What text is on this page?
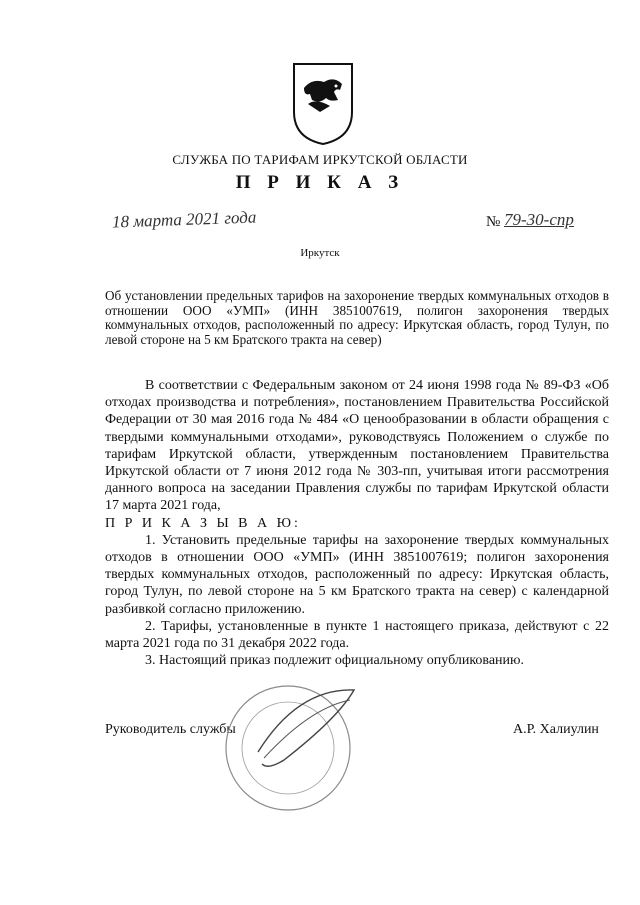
СЛУЖБА ПО ТАРИФАМ ИРКУТСКОЙ ОБЛАСТИ
П Р И К А З
18 марта 2021 года	№ 79-30-спр
Иркутск
Об установлении предельных тарифов на захоронение твердых коммунальных отходов в отношении ООО «УМП» (ИНН 3851007619, полигон захоронения твердых коммунальных отходов, расположенный по адресу: Иркутская область, город Тулун, по левой стороне на 5 км Братского тракта на север)

В соответствии с Федеральным законом от 24 июня 1998 года № 89-ФЗ «Об отходах производства и потребления», постановлением Правительства Российской Федерации от 30 мая 2016 года № 484 «О ценообразовании в области обращения с твердыми коммунальными отходами», руководствуясь Положением о службе по тарифам Иркутской области, утвержденным постановлением Правительства Иркутской области от 7 июня 2012 года № 303-пп, учитывая итоги рассмотрения данного вопроса на заседании Правления службы по тарифам Иркутской области 17 марта 2021 года,

П Р И К А З Ы В А Ю:

1. Установить предельные тарифы на захоронение твердых коммунальных отходов в отношении ООО «УМП» (ИНН 3851007619; полигон захоронения твердых коммунальных отходов, расположенный по адресу: Иркутская область, город Тулун, по левой стороне на 5 км Братского тракта на север) с календарной разбивкой согласно приложению.

2. Тарифы, установленные в пункте 1 настоящего приказа, действуют с 22 марта 2021 года по 31 декабря 2022 года.

3. Настоящий приказ подлежит официальному опубликованию.

Руководитель службы	А.Р. Халиулин
